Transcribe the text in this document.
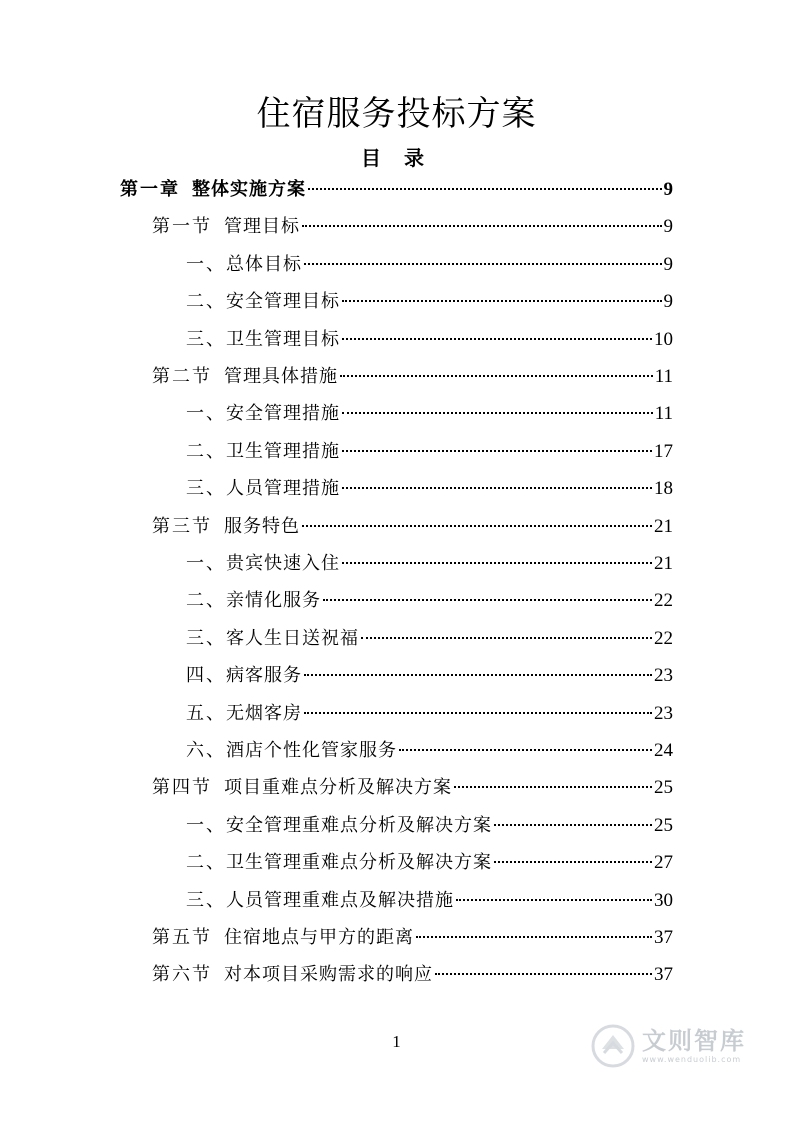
住宿服务投标方案
目 录
第一章 整体实施方案	9
第一节 管理目标	9
一、 总体目标	9
二、 安全管理目标	9
三、 卫生管理目标	10
第二节 管理具体措施	11
一、 安全管理措施	11
二、 卫生管理措施	17
三、 人员管理措施	18
第三节 服务特色	21
一、 贵宾快速入住	21
二、 亲情化服务	22
三、 客人生日送祝福	22
四、 病客服务	23
五、 无烟客房	23
六、 酒店个性化管家服务	24
第四节 项目重难点分析及解决方案	25
一、 安全管理重难点分析及解决方案	25
二、 卫生管理重难点分析及解决方案	27
三、 人员管理重难点及解决措施	30
第五节 住宿地点与甲方的距离	37
第六节 对本项目采购需求的响应	37
1	文则智库
www.wenduolib.com
